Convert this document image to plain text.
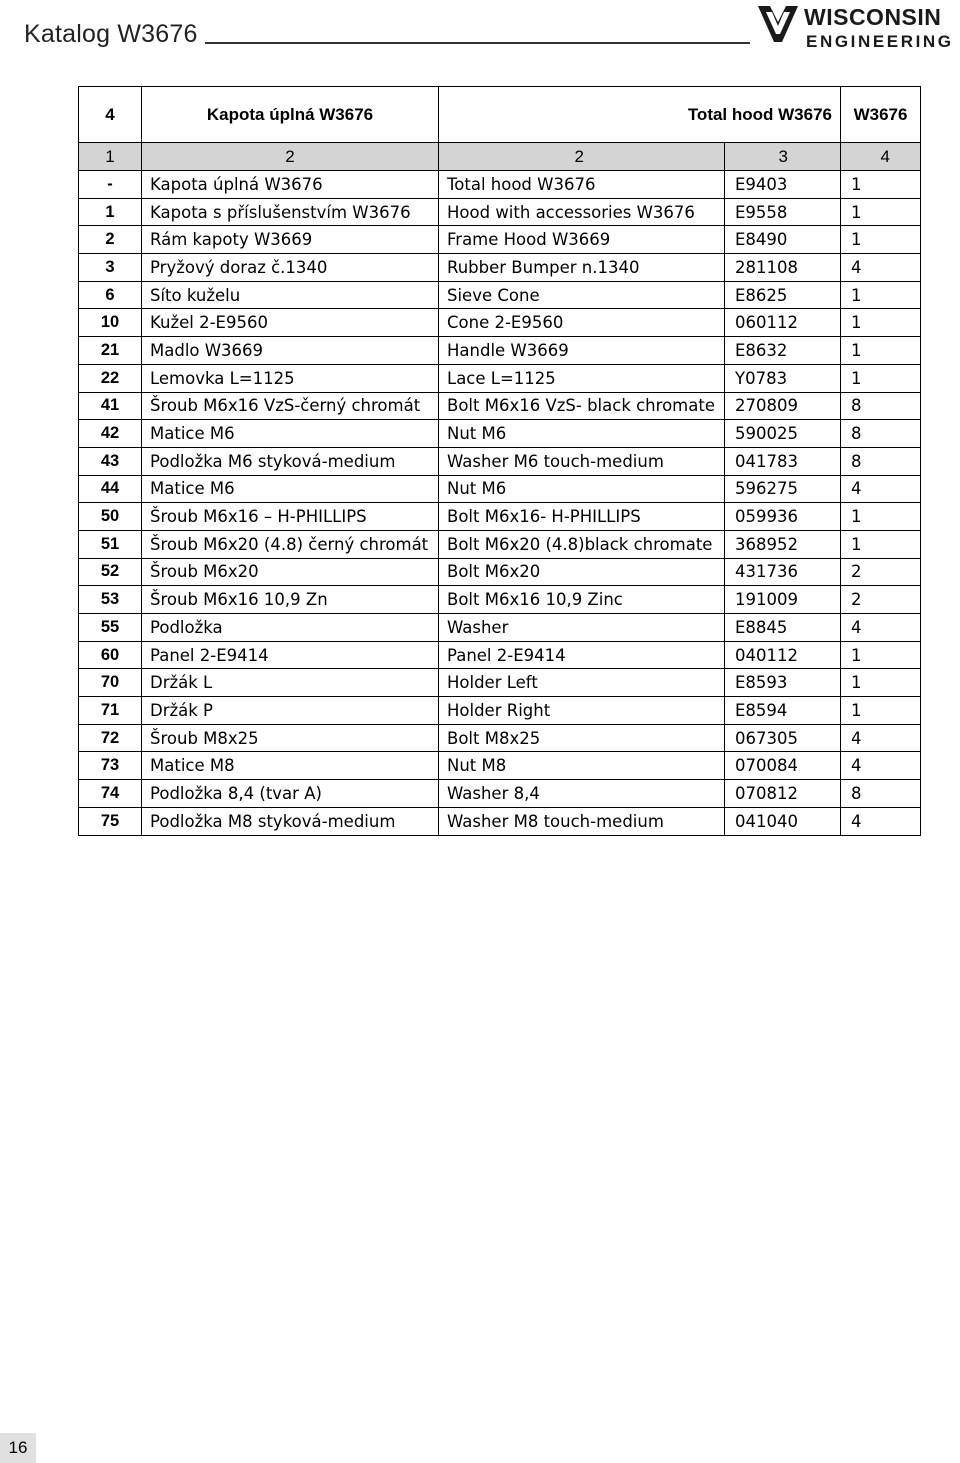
Katalog W3676
WISCONSIN
ENGINEERING
4	Kapota úplná W3676	Total hood W3676		W3676
1	2	2	3	4
-	Kapota úplná W3676	Total hood W3676	E9403	1
1	Kapota s příslušenstvím W3676	Hood with accessories W3676	E9558	1
2	Rám kapoty W3669	Frame Hood W3669	E8490	1
3	Pryžový doraz č.1340	Rubber Bumper n.1340	281108	4
6	Síto kuželu	Sieve Cone	E8625	1
10	Kužel 2-E9560	Cone 2-E9560	060112	1
21	Madlo W3669	Handle W3669	E8632	1
22	Lemovka L=1125	Lace L=1125	Y0783	1
41	Šroub M6x16 VzS-černý chromát	Bolt M6x16 VzS- black chromate	270809	8
42	Matice M6	Nut M6	590025	8
43	Podložka M6 styková-medium	Washer M6 touch-medium	041783	8
44	Matice M6	Nut M6	596275	4
50	Šroub M6x16 – H-PHILLIPS	Bolt M6x16- H-PHILLIPS	059936	1
51	Šroub M6x20 (4.8) černý chromát	Bolt M6x20 (4.8)black chromate	368952	1
52	Šroub M6x20	Bolt M6x20	431736	2
53	Šroub M6x16 10,9 Zn	Bolt M6x16 10,9 Zinc	191009	2
55	Podložka	Washer	E8845	4
60	Panel 2-E9414	Panel 2-E9414	040112	1
70	Držák L	Holder Left	E8593	1
71	Držák P	Holder Right	E8594	1
72	Šroub M8x25	Bolt M8x25	067305	4
73	Matice M8	Nut M8	070084	4
74	Podložka 8,4 (tvar A)	Washer 8,4	070812	8
75	Podložka M8 styková-medium	Washer M8 touch-medium	041040	4
16
